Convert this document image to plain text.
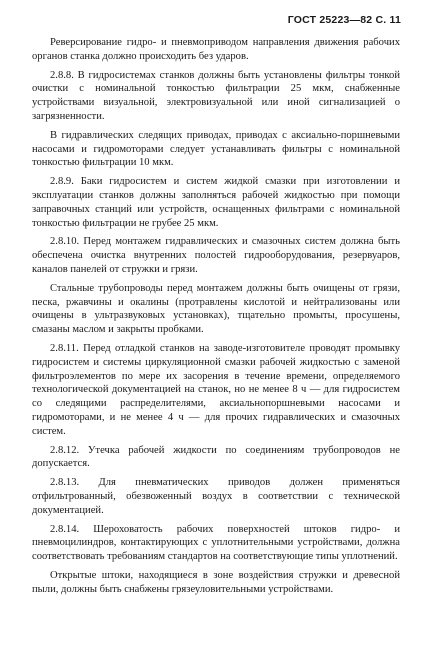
ГОСТ 25223—82 С. 11

Реверсирование гидро- и пневмоприводом направления движения рабочих органов станка должно происходить без ударов.

2.8.8. В гидросистемах станков должны быть установлены фильтры тонкой очистки с номинальной тонкостью фильтрации 25 мкм, снабженные устройствами визуальной, электровизуальной или иной сигнализацией о загрязненности.

В гидравлических следящих приводах, приводах с аксиально-поршневыми насосами и гидромоторами следует устанавливать фильтры с номинальной тонкостью фильтрации 10 мкм.

2.8.9. Баки гидросистем и систем жидкой смазки при изготовлении и эксплуатации станков должны заполняться рабочей жидкостью при помощи заправочных станций или устройств, оснащенных фильтрами с номинальной тонкостью фильтрации не грубее 25 мкм.

2.8.10. Перед монтажем гидравлических и смазочных систем должна быть обеспечена очистка внутренних полостей гидрооборудования, резервуаров, каналов панелей от стружки и грязи.

Стальные трубопроводы перед монтажем должны быть очищены от грязи, песка, ржавчины и окалины (протравлены кислотой и нейтрализованы или очищены в ультразвуковых установках), тщательно промыты, просушены, смазаны маслом и закрыты пробками.

2.8.11. Перед отладкой станков на заводе-изготовителе проводят промывку гидросистем и системы циркуляционной смазки рабочей жидкостью с заменой фильтроэлементов по мере их засорения в течение времени, определяемого технологической документацией на станок, но не менее 8 ч — для гидросистем со следящими распределителями, аксиальнопоршневыми насосами и гидромоторами, и не менее 4 ч — для прочих гидравлических и смазочных систем.

2.8.12. Утечка рабочей жидкости по соединениям трубопроводов не допускается.

2.8.13. Для пневматических приводов должен применяться отфильтрованный, обезвоженный воздух в соответствии с технической документацией.

2.8.14. Шероховатость рабочих поверхностей штоков гидро- и пневмоцилиндров, контактирующих с уплотнительными устройствами, должна соответствовать требованиям стандартов на соответствующие типы уплотнений.

Открытые штоки, находящиеся в зоне воздействия стружки и древесной пыли, должны быть снабжены грязеуловительными устройствами.
